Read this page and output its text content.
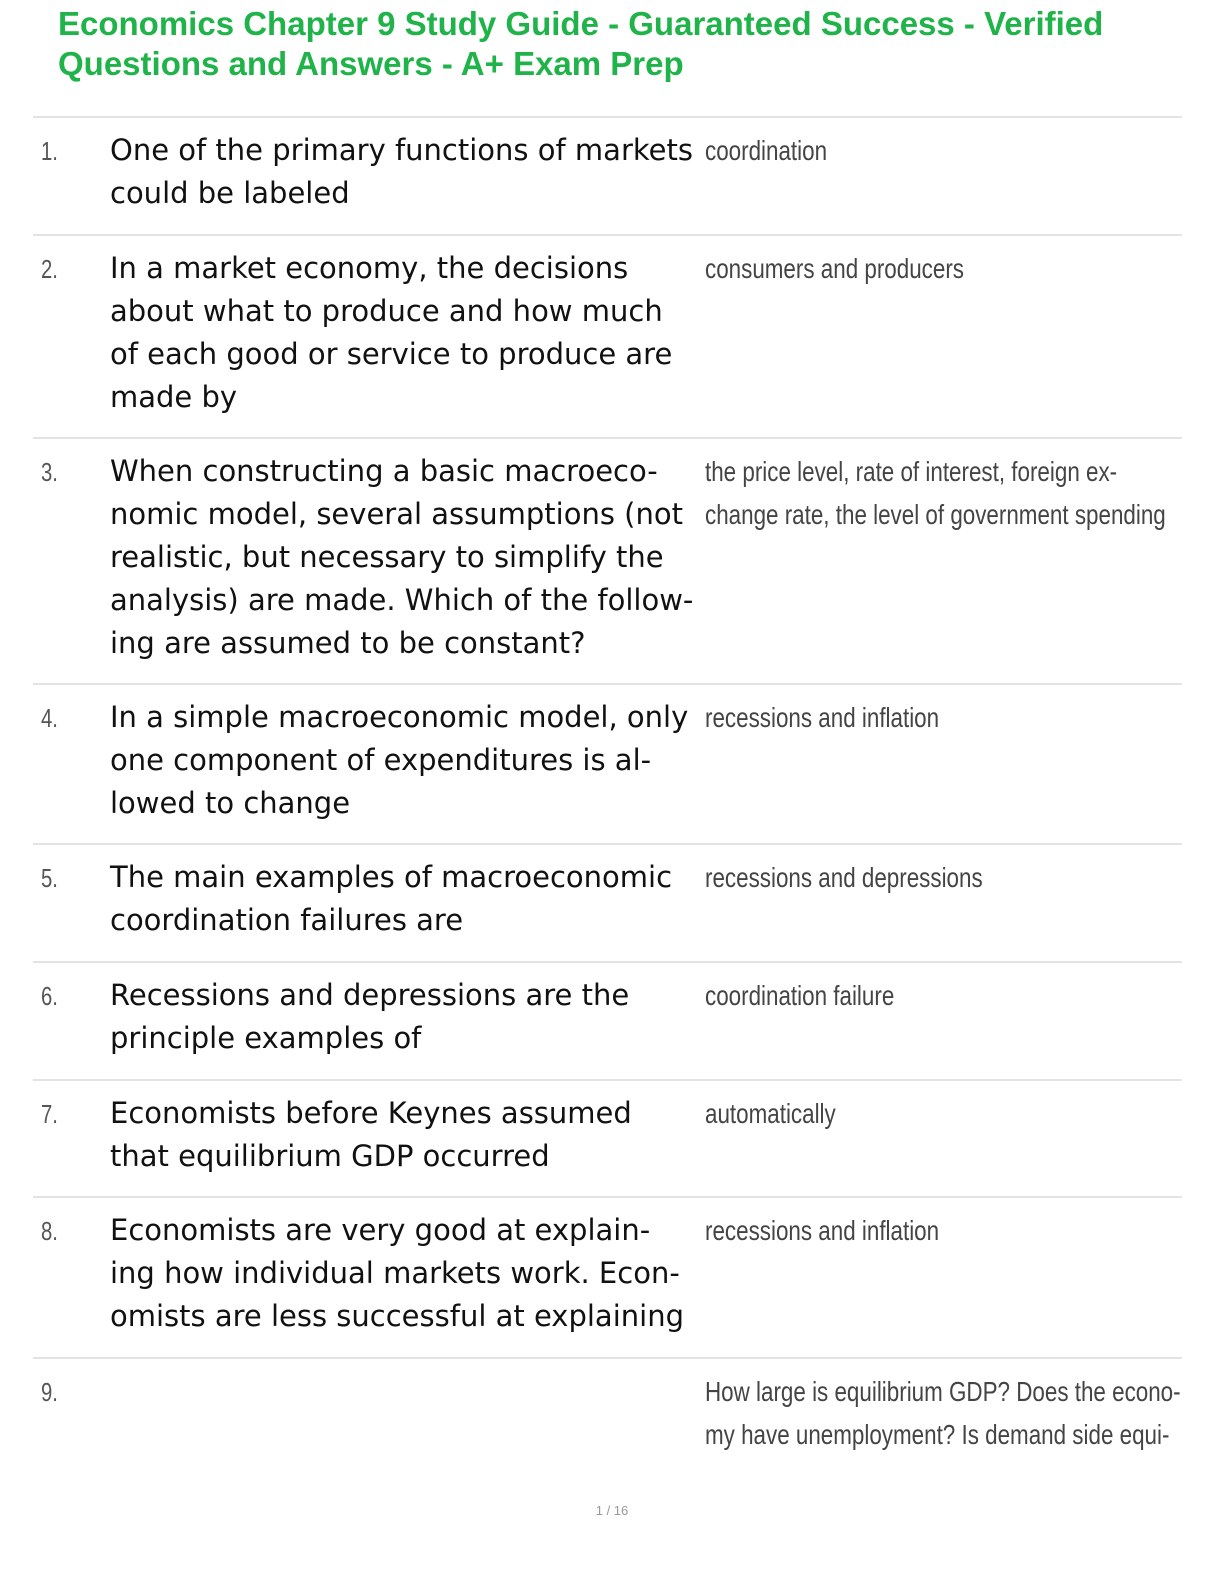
Economics Chapter 9 Study Guide - Guaranteed Success - Verified
Questions and Answers - A+ Exam Prep
1. One of the primary functions of markets
could be labeled
coordination
2. In a market economy, the decisions
about what to produce and how much
of each good or service to produce are
made by
consumers and producers
3. When constructing a basic macroeco-
nomic model, several assumptions (not
realistic, but necessary to simplify the
analysis) are made. Which of the follow-
ing are assumed to be constant?
the price level, rate of interest, foreign ex-
change rate, the level of government spending
4. In a simple macroeconomic model, only
one component of expenditures is al-
lowed to change
recessions and inflation
5. The main examples of macroeconomic
coordination failures are
recessions and depressions
6. Recessions and depressions are the
principle examples of
coordination failure
7. Economists before Keynes assumed
that equilibrium GDP occurred
automatically
8. Economists are very good at explain-
ing how individual markets work. Econ-
omists are less successful at explaining
recessions and inflation
9.	How large is equilibrium GDP? Does the econo-
my have unemployment? Is demand side equi-
1 / 16
